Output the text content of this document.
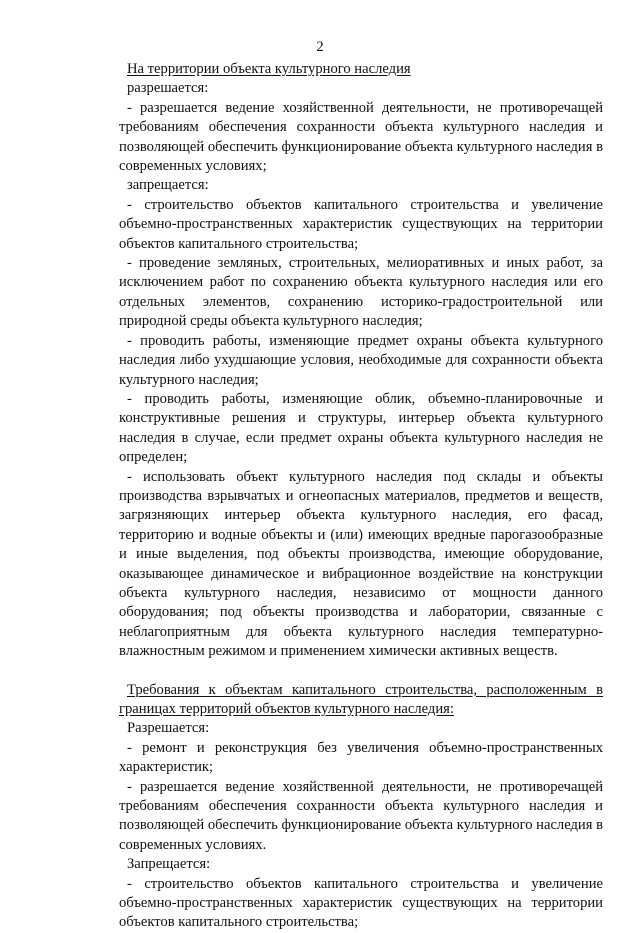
2

На территории объекта культурного наследия

разрешается:

- разрешается ведение хозяйственной деятельности, не противоречащей требованиям обеспечения сохранности объекта культурного наследия и позволяющей обеспечить функционирование объекта культурного наследия в современных условиях;

запрещается:

- строительство объектов капитального строительства и увеличение объемно-пространственных характеристик существующих на территории объектов капитального строительства;

- проведение земляных, строительных, мелиоративных и иных работ, за исключением работ по сохранению объекта культурного наследия или его отдельных элементов, сохранению историко-градостроительной или природной среды объекта культурного наследия;

- проводить работы, изменяющие предмет охраны объекта культурного наследия либо ухудшающие условия, необходимые для сохранности объекта культурного наследия;

- проводить работы, изменяющие облик, объемно-планировочные и конструктивные решения и структуры, интерьер объекта культурного наследия в случае, если предмет охраны объекта культурного наследия не определен;

- использовать объект культурного наследия под склады и объекты производства взрывчатых и огнеопасных материалов, предметов и веществ, загрязняющих интерьер объекта культурного наследия, его фасад, территорию и водные объекты и (или) имеющих вредные парогазообразные и иные выделения, под объекты производства, имеющие оборудование, оказывающее динамическое и вибрационное воздействие на конструкции объекта культурного наследия, независимо от мощности данного оборудования; под объекты производства и лаборатории, связанные с неблагоприятным для объекта культурного наследия температурно-влажностным режимом и применением химически активных веществ.

Требования к объектам капитального строительства, расположенным в границах территорий объектов культурного наследия:

Разрешается:

- ремонт и реконструкция без увеличения объемно-пространственных характеристик;

- разрешается ведение хозяйственной деятельности, не противоречащей требованиям обеспечения сохранности объекта культурного наследия и позволяющей обеспечить функционирование объекта культурного наследия в современных условиях.

Запрещается:

- строительство объектов капитального строительства и увеличение объемно-пространственных характеристик существующих на территории объектов капитального строительства;
